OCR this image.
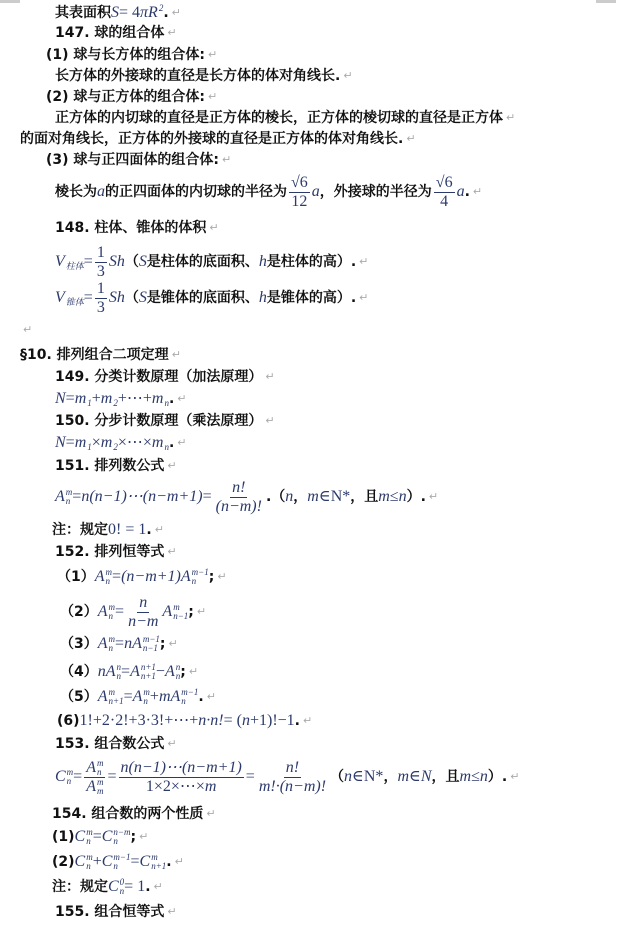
其表面积 S = 4 π R 2
.
↵
147. 球的组合体
↵
(1) 球与长方体的组合体:
↵
长方体的外接球的直径是长方体的体对角线长.
↵
(2) 球与正方体的组合体:
↵
正方体的内切球的直径是正方体的棱长，正方体的棱切球的直径是正方体
↵
的面对角线长，正方体的外接球的直径是正方体的体对角线长.
↵
(3) 球与正四面体的组合体:
↵
棱长为 a 的正四面体的内切球的半径为 $\frac{√6}{12}$ a ，外接球的半径为 $\frac{√6}{4}$ a .
↵
148. 柱体、锥体的体积
↵
V
柱体 = $\frac{1}{3}$ Sh （ S 是柱体的底面积、 h 是柱体的高）.
↵
V
锥体 = $\frac{1}{3}$ Sh （ S 是锥体的底面积、 h 是锥体的高）.
↵
↵
§10. 排列组合二项定理
↵
149. 分类计数原理（加法原理）
↵
N = m
1 + m
2 +⋯+ m
n .
↵
150. 分步计数原理（乘法原理）
↵
N = m
1 × m
2 ×⋯× m
n .
↵
151. 排列数公式
↵
A m
n = n(n−1)⋯(n−m+1) = $\frac{n!}{(n-m)!}$ .（ n ， m ∈N* ，且 m≤n ）.
↵
注：规定 0! = 1 .
↵
152. 排列恒等式
↵
（1） A m
n = (n−m+1) A m−1
n ;
↵
（2） A m
$n = \frac{n}{n-m}$ A m
n−1 ;
↵
（3） A m
n = n A m−1
n−1 ;
↵
（4） n A n
n = A n+1
n+1 − A n
n ;
↵
（5） A m
n+1 = A m
n + m A m−1
n .
↵
(6) 1!+2·2!+3·3!+⋯+ n·n! = ( n +1)!−1 .
↵
153. 组合数公式
↵
C m
n = A m
n
A m
$m = \frac{n(n-1)\cdots(n-m+1)}{1\times 2\times\cdots\times m} = \frac{n!}{m!\cdot(n-m)!}$ （ n ∈N* ， m ∈ N ，且 m≤n ）.
↵
154. 组合数的两个性质
↵
(1) C m
n = C n−m
n ;
↵
(2) C m
n + C m−1
n = C m
n+1 .
↵
注：规定 C 0
n = 1 .
↵
155. 组合恒等式
↵
